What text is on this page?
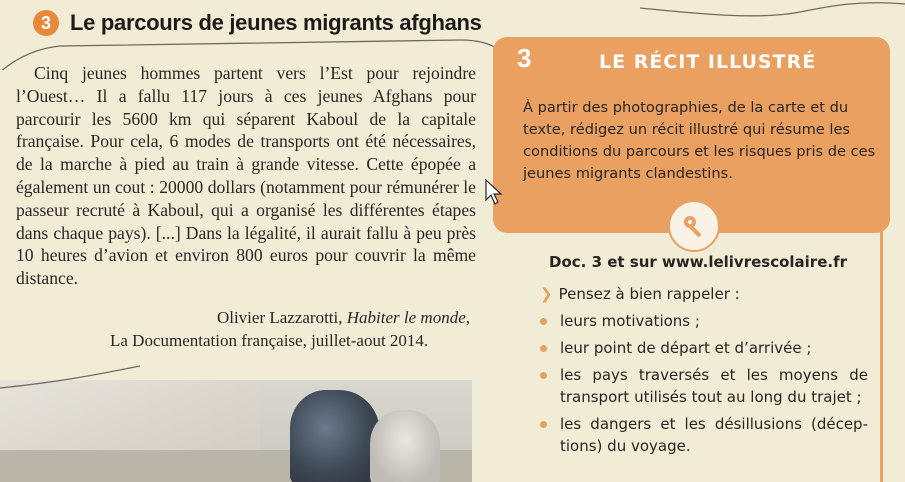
3 Le parcours de jeunes migrants afghans

Cinq jeunes hommes partent vers l’Est pour rejoindre l’Ouest… Il a fallu 117 jours à ces jeunes Afghans pour parcourir les 5600 km qui séparent Kaboul de la capitale française. Pour cela, 6 modes de transports ont été nécessaires, de la marche à pied au train à grande vitesse. Cette épopée a également un cout : 20000 dollars (notamment pour rémunérer le passeur recruté à Kaboul, qui a organisé les différentes étapes dans chaque pays). [...] Dans la légalité, il aurait fallu à peu près 10 heures d’avion et environ 800 euros pour couvrir la même distance.

Olivier Lazzarotti, Habiter le monde,
La Documentation française, juillet-aout 2014.
3	LE RÉCIT ILLUSTRÉ
À partir des photographies, de la carte et du texte, rédigez un récit illustré qui résume les conditions du parcours et les risques pris de ces jeunes migrants clandestins.
Doc. 3 et sur www.lelivrescolaire.fr
❯ Pensez à bien rappeler :
leurs motivations ;
leur point de départ et d’arrivée ;
les pays traversés et les moyens de transport utilisés tout au long du trajet ;
les dangers et les désillusions (décep-tions) du voyage.
